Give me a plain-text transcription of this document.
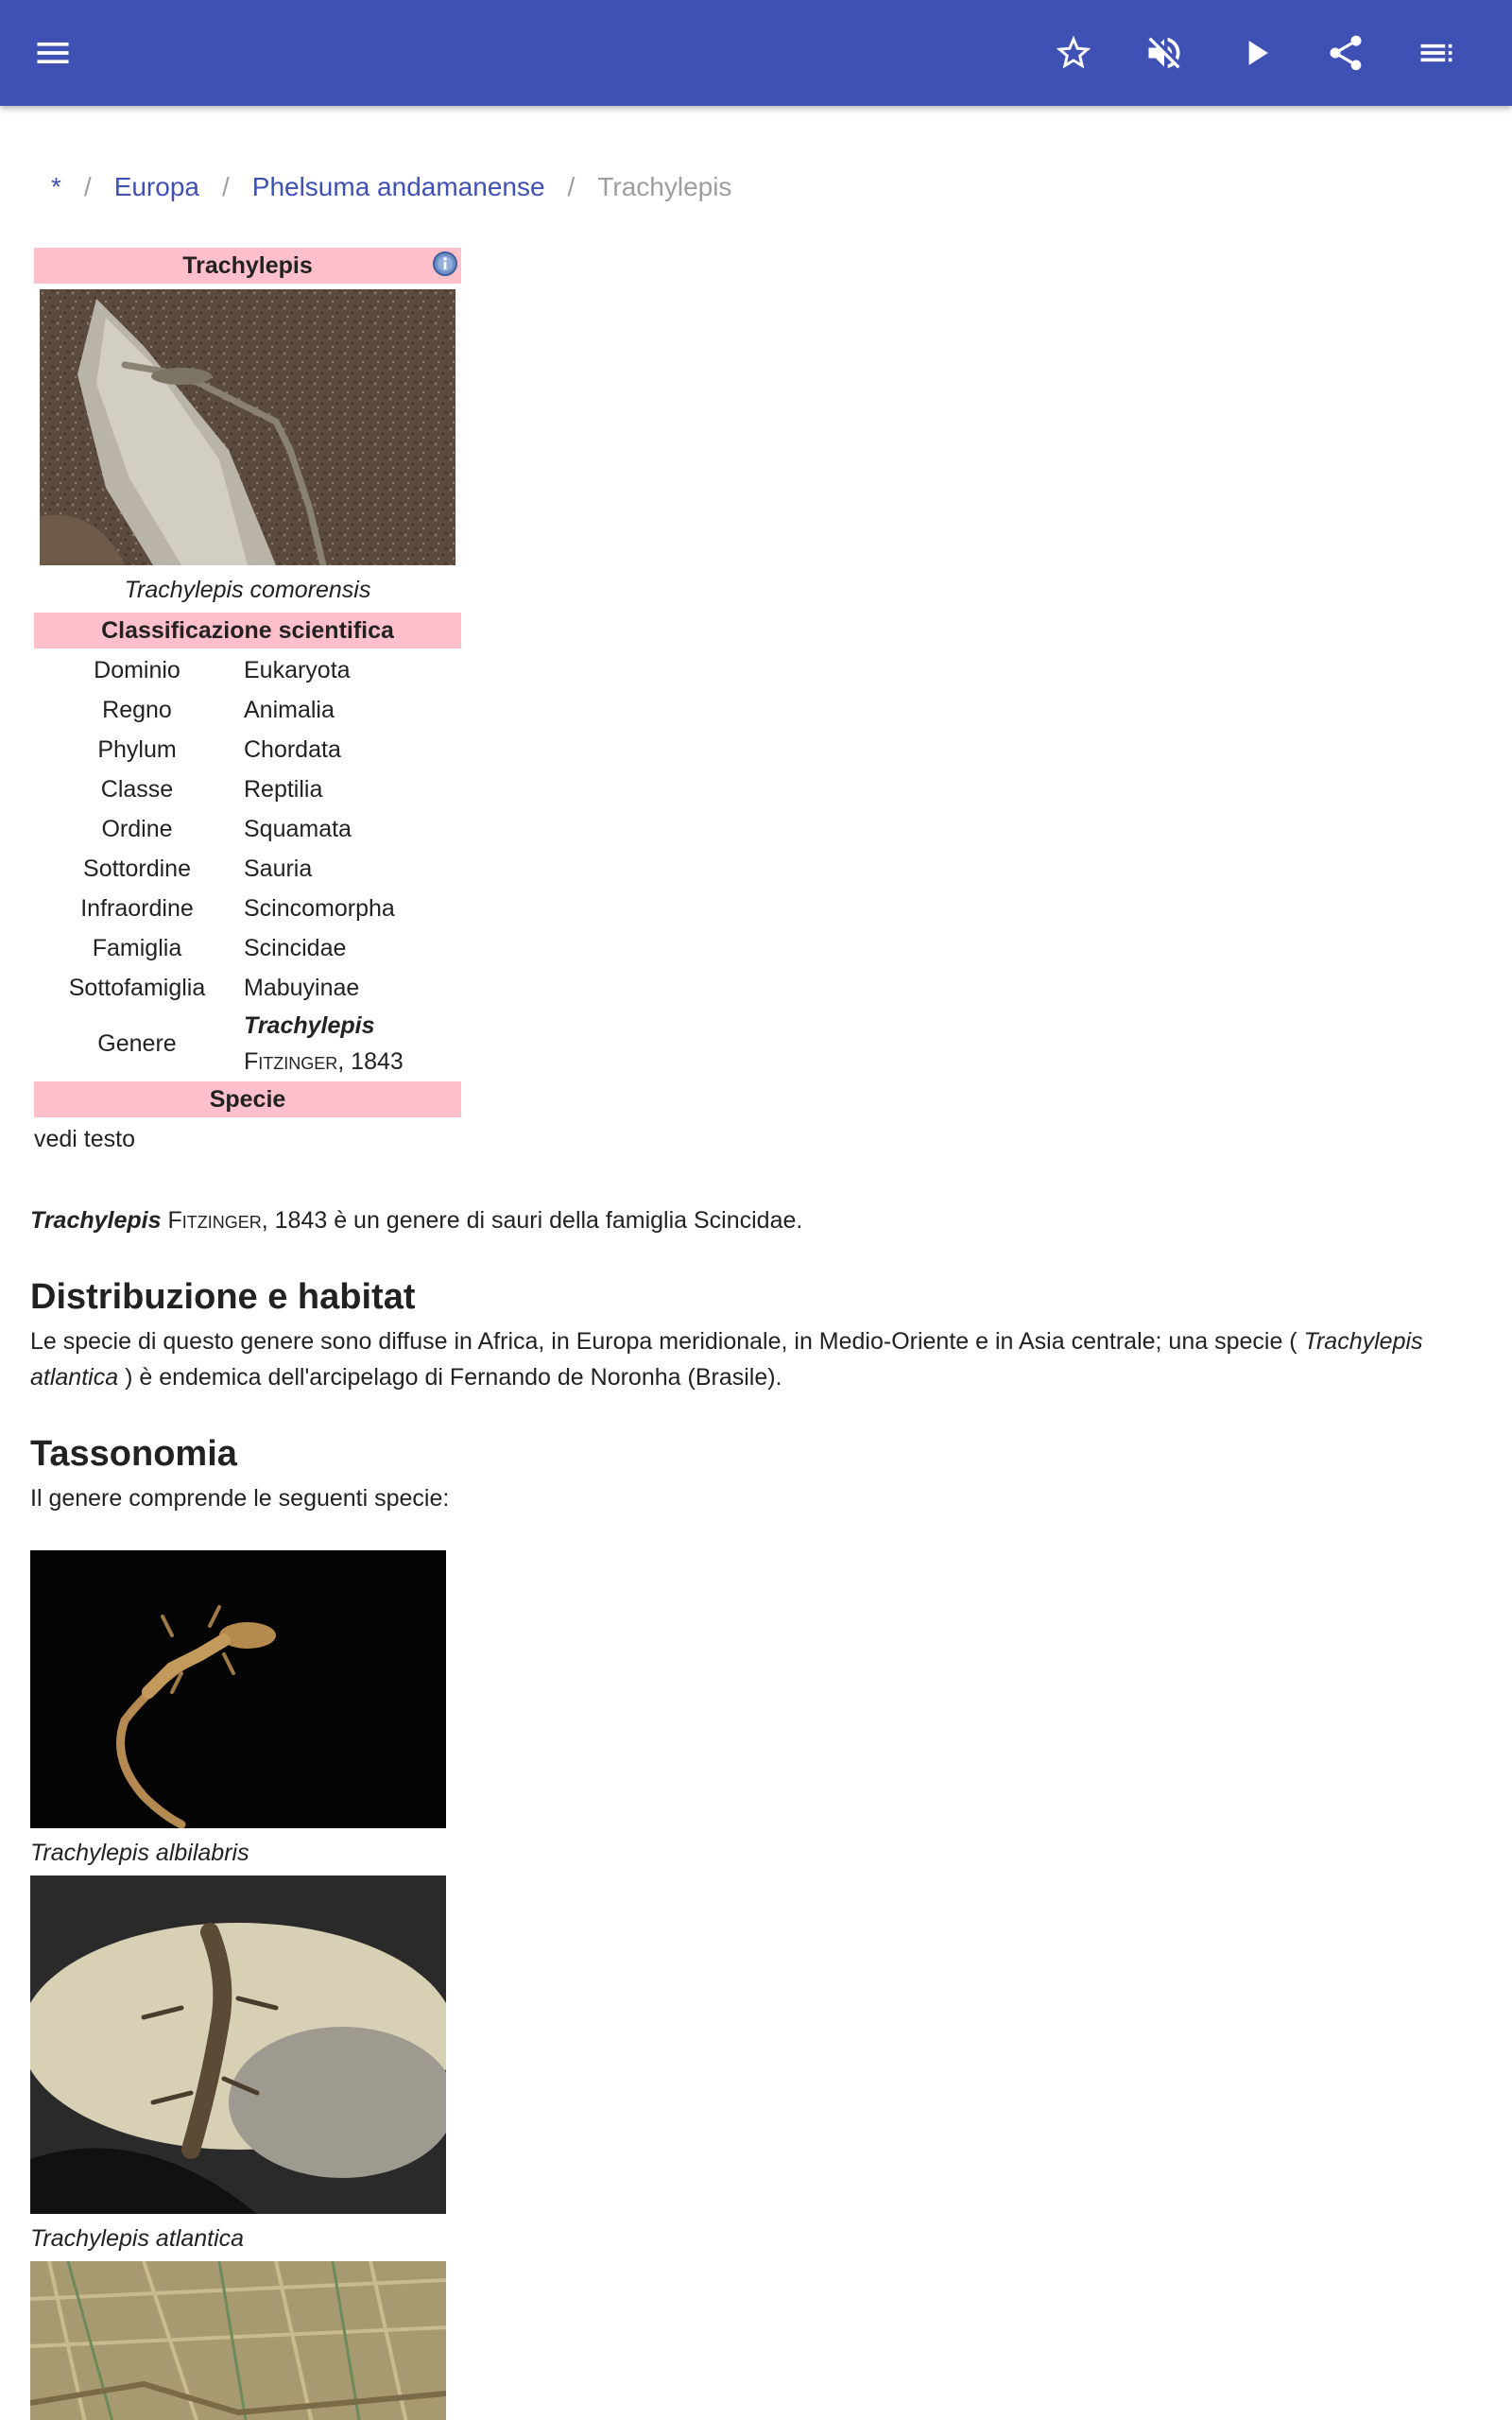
* / Europa / Phelsuma andamanense / Trachylepis
Trachylepis
Trachylepis comorensis
Classificazione scientifica
Dominio	Eukaryota
Regno	Animalia
Phylum	Chordata
Classe	Reptilia
Ordine	Squamata
Sottordine	Sauria
Infraordine	Scincomorpha
Famiglia	Scincidae
Sottofamiglia	Mabuyinae
Genere	Trachylepis
Fitzinger, 1843
Specie
vedi testo
Trachylepis Fitzinger, 1843 è un genere di sauri della famiglia Scincidae.
Distribuzione e habitat
Le specie di questo genere sono diffuse in Africa, in Europa meridionale, in Medio-Oriente e in Asia centrale; una specie ( Trachylepis atlantica ) è endemica dell'arcipelago di Fernando de Noronha (Brasile).
Tassonomia
Il genere comprende le seguenti specie:
Trachylepis albilabris
Trachylepis atlantica
